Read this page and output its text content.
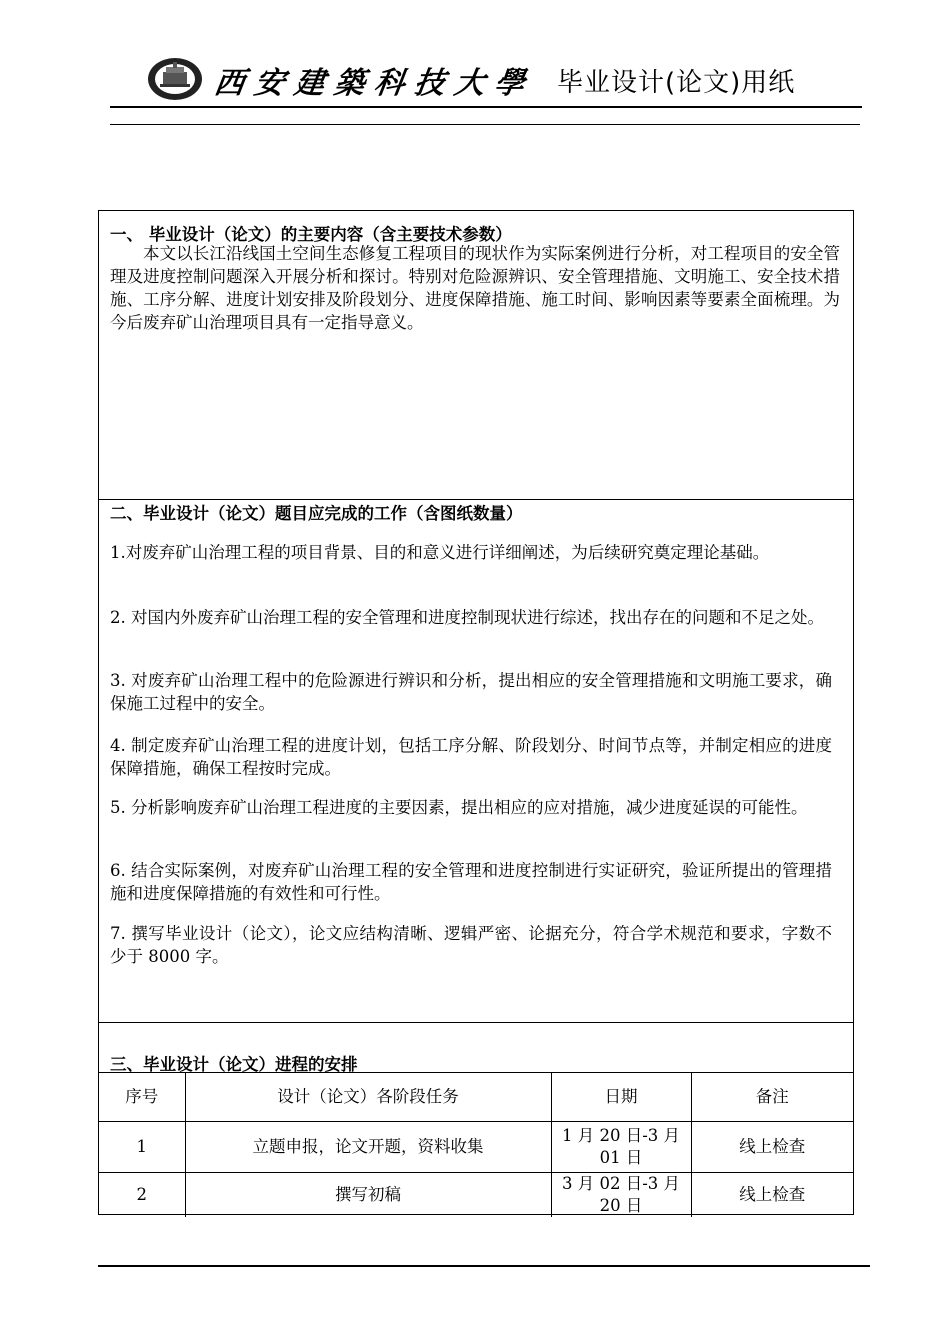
西安建築科技大學 毕业设计(论文)用纸
一、 毕业设计（论文）的主要内容（含主要技术参数）
本文以长江沿线国土空间生态修复工程项目的现状作为实际案例进行分析，对工程项目的安全管理及进度控制问题深入开展分析和探讨。特别对危险源辨识、安全管理措施、文明施工、安全技术措施、工序分解、进度计划安排及阶段划分、进度保障措施、施工时间、影响因素等要素全面梳理。为今后废弃矿山治理项目具有一定指导意义。
二、毕业设计（论文）题目应完成的工作（含图纸数量）
1.对废弃矿山治理工程的项目背景、目的和意义进行详细阐述，为后续研究奠定理论基础。
2. 对国内外废弃矿山治理工程的安全管理和进度控制现状进行综述，找出存在的问题和不足之处。
3. 对废弃矿山治理工程中的危险源进行辨识和分析，提出相应的安全管理措施和文明施工要求，确保施工过程中的安全。
4. 制定废弃矿山治理工程的进度计划，包括工序分解、阶段划分、时间节点等，并制定相应的进度保障措施，确保工程按时完成。
5. 分析影响废弃矿山治理工程进度的主要因素，提出相应的应对措施，减少进度延误的可能性。
6. 结合实际案例，对废弃矿山治理工程的安全管理和进度控制进行实证研究，验证所提出的管理措施和进度保障措施的有效性和可行性。
7. 撰写毕业设计（论文），论文应结构清晰、逻辑严密、论据充分，符合学术规范和要求，字数不少于 8000 字。
三、毕业设计（论文）进程的安排
序号	设计（论文）各阶段任务	日期	备注
1	立题申报，论文开题，资料收集	1 月 20 日-3 月 01 日	线上检查
2	撰写初稿	3 月 02 日-3 月 20 日	线上检查
